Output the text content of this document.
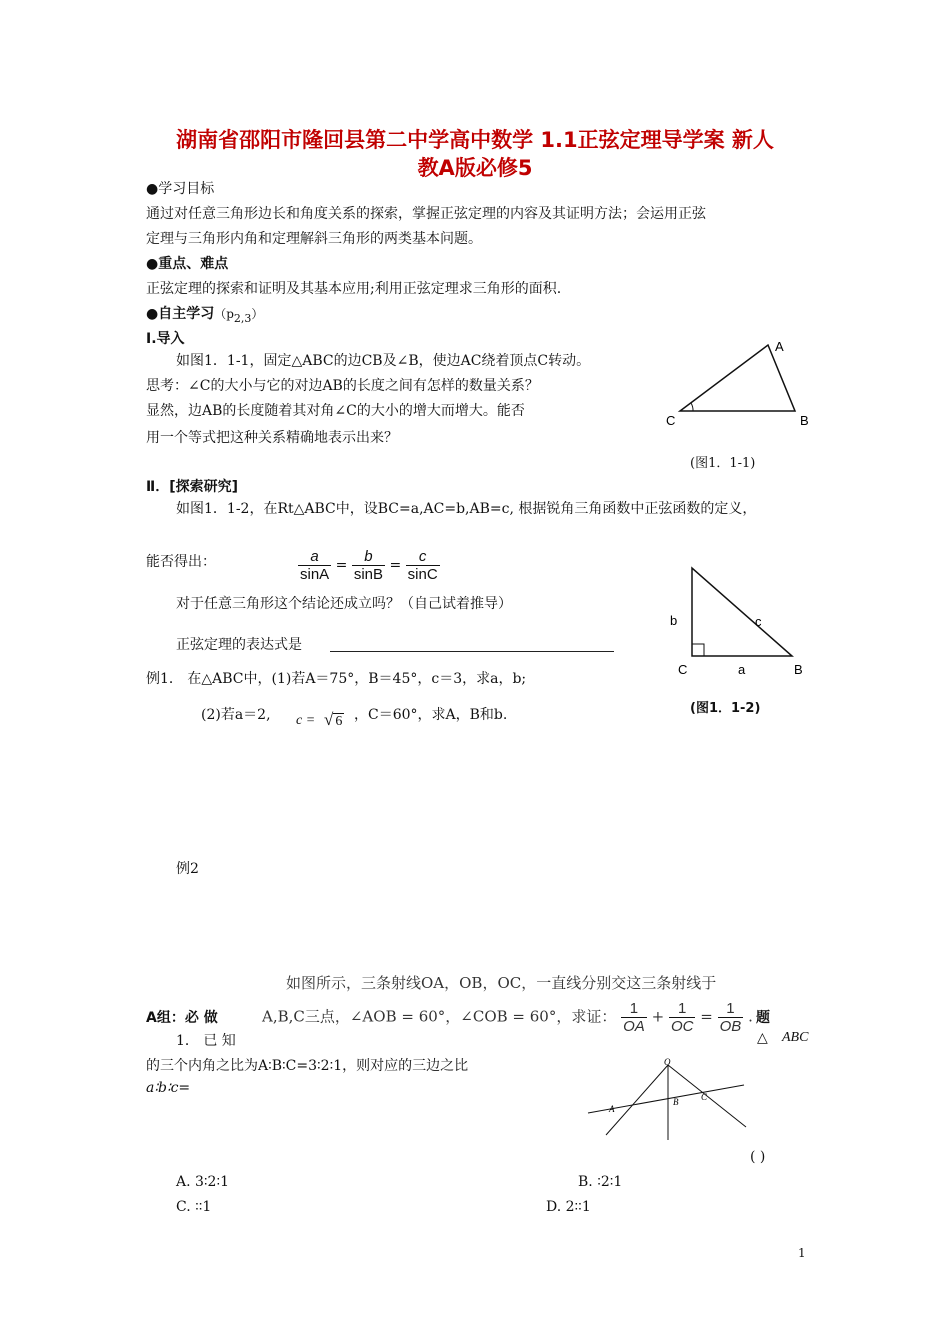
湖南省邵阳市隆回县第二中学高中数学 1.1正弦定理导学案 新人
教A版必修5
●学习目标
通过对任意三角形边长和角度关系的探索，掌握正弦定理的内容及其证明方法；会运用正弦
定理与三角形内角和定理解斜三角形的两类基本问题。
●重点、难点
正弦定理的探索和证明及其基本应用;利用正弦定理求三角形的面积.
●自主学习$(p_{2,3})$
Ⅰ.导入
如图1．1-1，固定△ABC的边CB及∠B，使边AC绕着顶点C转动。
思考：∠C的大小与它的对边AB的长度之间有怎样的数量关系？
显然，边AB的长度随着其对角∠C的大小的增大而增大。能否
用一个等式把这种关系精确地表示出来？
A
B
C
(图1．1-1)
Ⅱ．[探索研究]
如图1．1-2，在Rt△ABC中，设BC=a,AC=b,AB=c, 根据锐角三角函数中正弦函数的定义，
能否得出：	$\frac{a}{\sin A} = \frac{b}{\sin B} = \frac{c}{\sin C}$
对于任意三角形这个结论还成立吗？（自己试着推导）
正弦定理的表达式是
b	c
C	a	B
(图1．1-2)
例1． 在△ABC中，(1)若A＝75°，B＝45°，c＝3，求a，b;
(2)若a＝2, c = √ 6 ，C＝60°，求A，B和b.
例2
如图所示，三条射线OA，OB，OC，一直线分别交这三条射线于
A,B,C三点，∠AOB = 60°，∠COB = 60°，求证： $\frac{1}{OA} + \frac{1}{OC} = \frac{1}{OB}$ .
A组：必 做	题
1． 已 知	△ ABC
的三个内角之比为A∶B∶C=3∶2∶1，则对应的三边之比
a∶b∶c=
O
A
B	C
( )
A. 3∶2∶1	B. ∶2∶1
C. ∶∶1	D. 2∶∶1
1
